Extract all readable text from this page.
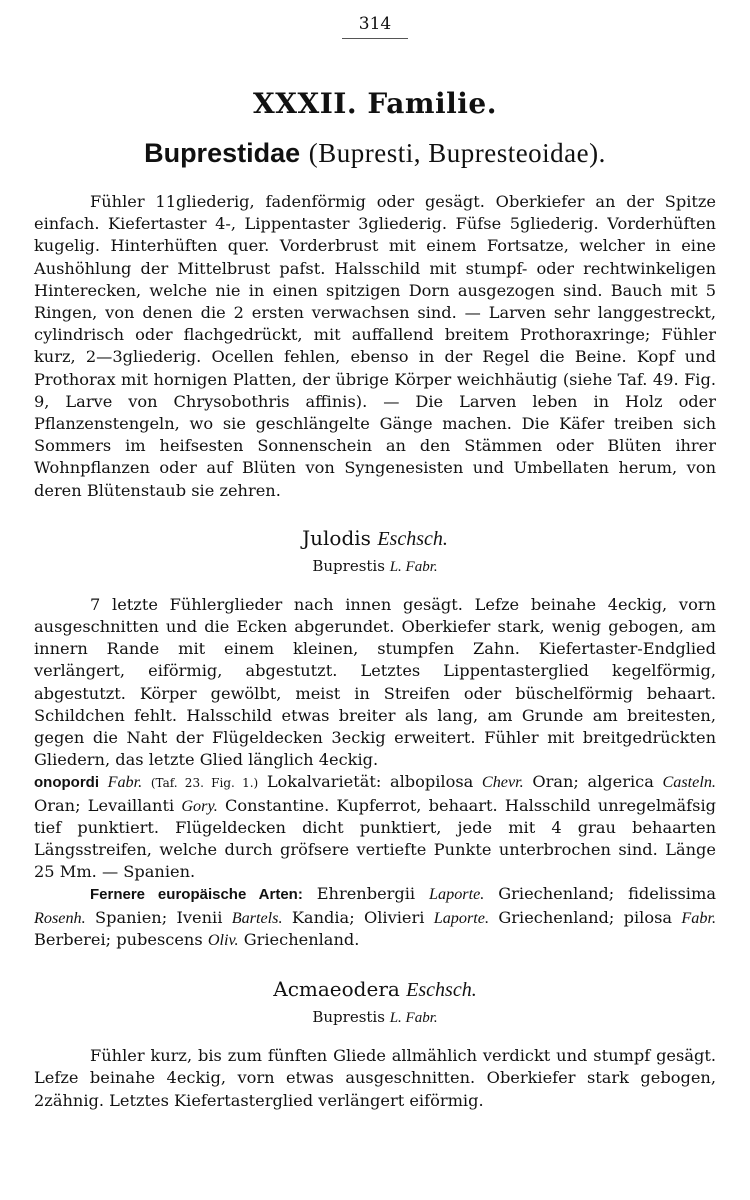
314
XXXII. Familie.
Buprestidae (Bupresti, Bupresteoidae).

Fühler 11gliederig, fadenförmig oder gesägt. Oberkiefer an der Spitze einfach. Kiefertaster 4-, Lippentaster 3gliederig. Füfse 5gliederig. Vorderhüften kugelig. Hinterhüften quer. Vorderbrust mit einem Fortsatze, welcher in eine Aushöhlung der Mittelbrust pafst. Halsschild mit stumpf- oder rechtwinkeligen Hinterecken, welche nie in einen spitzigen Dorn ausgezogen sind. Bauch mit 5 Ringen, von denen die 2 ersten verwachsen sind. — Larven sehr langgestreckt, cylindrisch oder flachgedrückt, mit auffallend breitem Prothoraxringe; Fühler kurz, 2—3gliederig. Ocellen fehlen, ebenso in der Regel die Beine. Kopf und Prothorax mit hornigen Platten, der übrige Körper weichhäutig (siehe Taf. 49. Fig. 9, Larve von Chrysobothris affinis). — Die Larven leben in Holz oder Pflanzenstengeln, wo sie geschlängelte Gänge machen. Die Käfer treiben sich Sommers im heifsesten Sonnenschein an den Stämmen oder Blüten ihrer Wohnpflanzen oder auf Blüten von Syngenesisten und Umbellaten herum, von deren Blütenstaub sie zehren.

Julodis Eschsch.
Buprestis L. Fabr.

7 letzte Fühlerglieder nach innen gesägt. Lefze beinahe 4eckig, vorn ausgeschnitten und die Ecken abgerundet. Oberkiefer stark, wenig gebogen, am innern Rande mit einem kleinen, stumpfen Zahn. Kiefertaster-Endglied verlängert, eiförmig, abgestutzt. Letztes Lippentasterglied kegelförmig, abgestutzt. Körper gewölbt, meist in Streifen oder büschelförmig behaart. Schildchen fehlt. Halsschild etwas breiter als lang, am Grunde am breitesten, gegen die Naht der Flügeldecken 3eckig erweitert. Fühler mit breitgedrückten Gliedern, das letzte Glied länglich 4eckig.

onopordi Fabr. (Taf. 23. Fig. 1.) Lokalvarietät: albopilosa Chevr. Oran; algerica Casteln. Oran; Levaillanti Gory. Constantine. Kupferrot, behaart. Halsschild unregelmäfsig tief punktiert. Flügeldecken dicht punktiert, jede mit 4 grau behaarten Längsstreifen, welche durch gröfsere vertiefte Punkte unterbrochen sind. Länge 25 Mm. — Spanien.

Fernere europäische Arten: Ehrenbergii Laporte. Griechenland; fidelissima Rosenh. Spanien; Ivenii Bartels. Kandia; Olivieri Laporte. Griechenland; pilosa Fabr. Berberei; pubescens Oliv. Griechenland.

Acmaeodera Eschsch.
Buprestis L. Fabr.

Fühler kurz, bis zum fünften Gliede allmählich verdickt und stumpf gesägt. Lefze beinahe 4eckig, vorn etwas ausgeschnitten. Oberkiefer stark gebogen, 2zähnig. Letztes Kiefertasterglied verlängert eiförmig.
